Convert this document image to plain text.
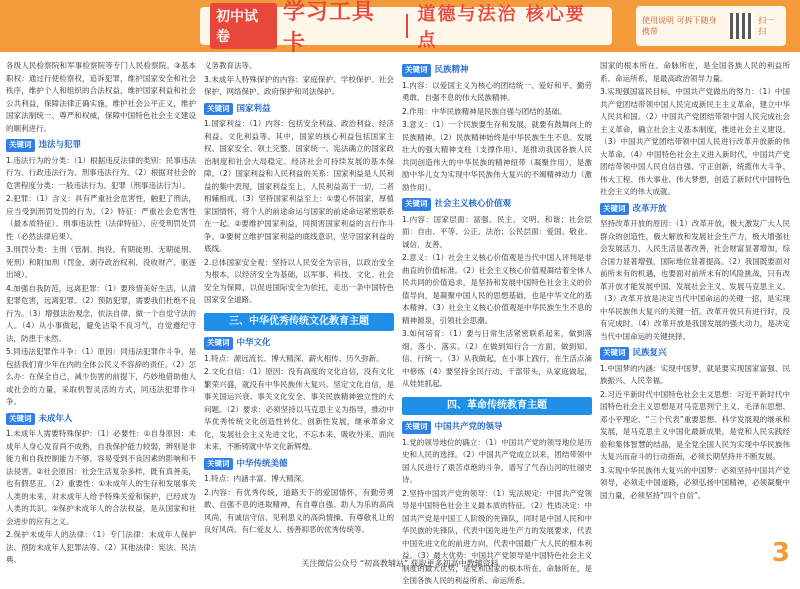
初中试卷
学习工具卡
道德与法治 核心要点
使用说明 可拆下随身携带
扫一扫

各级人民检察院和军事检察院等专门人民检察院。③基本职权：通过行使检察权，追诉犯罪，维护国家安全和社会秩序，维护个人和组织的合法权益，维护国家利益和社会公共利益，保障法律正确实施，维护社会公平正义，维护国家法制统一、尊严和权威，保障中国特色社会主义建设的顺利进行。

关键词 违法与犯罪

1.违法行为的分类：（1）根据违反法律的类别：民事违法行为、行政违法行为、刑事违法行为。（2）根据对社会的危害程度分类：一般违法行为、犯罪（刑事违法行为）。

2.犯罪：（1）含义：具有严重社会危害性，触犯了刑法，应当受到刑罚处罚的行为。（2）特征：严重社会危害性（最本质特征）、刑事违法性（法律特征）、应受刑罚处罚性（必然法律后果）。

3.刑罚分类：主刑（管制、拘役、有期徒刑、无期徒刑、死刑）和附加刑（罚金、剥夺政治权利、没收财产、驱逐出境）。

4.加强自我防范，远离犯罪：（1）要珍惜美好生活，认清犯罪危害，远离犯罪。（2）预防犯罪，需要我们杜绝不良行为。（3）增强法治观念，依法自律，做一个自觉守法的人。（4）从小事做起，避免沾染不良习气，自觉遵纪守法，防患于未然。

5.同违法犯罪作斗争：（1）原因：同违法犯罪作斗争，是包括我们青少年在内的全体公民义不容辞的责任。（2）怎么办：在保全自己，减少伤害的前提下，巧妙地借助他人或社会的力量，采取机智灵活的方式，同违法犯罪作斗争。

关键词 未成年人

1.未成年人需要特殊保护：（1）必要性：①自身原因：未成年人身心发育尚不成熟，自我保护能力较弱，辨别是非能力和自我控制能力不够，容易受到不良因素的影响和不法侵害。②社会原因：社会生活复杂多样，既有真善美，也有假恶丑。（2）重要性：①未成年人的生存和发展事关人类的未来，对未成年人给予特殊关爱和保护，已经成为人类的共识。②保护未成年人的合法权益，是从国家和社会进步的应有之义。

2.保护未成年人的法律：（1）专门法律：未成年人保护法、预防未成年人犯罪法等。（2）其他法律：宪法、民法典、

义务教育法等。

3.未成年人特殊保护的内容：家庭保护、学校保护、社会保护、网络保护、政府保护和司法保护。

关键词 国家利益

1.国家利益：（1）内容：包括安全利益、政治利益、经济利益、文化利益等。其中，国家的核心利益包括国家主权、国家安全、领土完整、国家统一、宪法确立的国家政治制度和社会大局稳定、经济社会可持续发展的基本保障。（2）国家利益和人民利益的关系：国家利益是人民利益的集中表现，国家利益至上，人民利益高于一切，二者相辅相成。（3）坚持国家利益至上：①要心怀国家，厚植家国情怀，将个人的前途命运与国家的前途命运紧密联系在一起。②要维护国家利益，同损害国家利益的言行作斗争。③要树立维护国家利益的底线意识，坚守国家利益的底线。

2.总体国家安全观：坚持以人民安全为宗旨，以政治安全为根本，以经济安全为基础，以军事、科技、文化、社会安全为保障，以促进国际安全为依托，走出一条中国特色国家安全道路。

三、中华优秀传统文化教育主题
关键词 中华文化

1.特点：源远流长、博大精深、薪火相传、历久弥新。

2.文化自信：（1）原因：没有高度的文化自信，没有文化繁荣兴盛，就没有中华民族伟大复兴。坚定文化自信，是事关国运兴衰、事关文化安全、事关民族精神独立性的大问题。（2）要求：必须坚持以马克思主义为指导，推动中华优秀传统文化创造性转化、创新性发展，继承革命文化，发展社会主义先进文化，不忘本来、吸收外来、面向未来，不断铸就中华文化新辉煌。

关键词 中华传统美德

1.特点：内涵丰富、博大精深。

2.内容：有优秀传统，道路天下的爱国情怀，有勤劳勇敢、自强不息的进取精神，有自尊自强、助人为乐的高尚风尚，有诚信守信、见利思义的高尚情操，有尊敬礼让的良好风尚。有仁爱友人、扬善抑恶的优秀传统等。

关键词 民族精神

1.内容：以爱国主义为核心的团结统一、爱好和平、勤劳勇敢、自强不息的伟大民族精神。

2.作用：中华民族精神是民族自强与团结的基础。

3.意义：（1）一个民族要生存和发展，就要有鼓舞向上的民族精神。（2）民族精神始终是中华民族生生不息、发展壮大的强大精神支柱（支撑作用），是推动我国各族人民共同创造伟大的中华民族的精神纽带（凝聚作用），是激励中华儿女为实现中华民族伟大复兴的不竭精神动力（激励作用）。

关键词 社会主义核心价值观

1.内容：国家层面：富强、民主、文明、和谐；社会层面：自由、平等、公正、法治；公民层面：爱国、敬业、诚信、友善。

2.意义：（1）社会主义核心价值观是当代中国人评判是非曲直的价值标准。（2）社会主义核心价值观凝结着全体人民共同的价值追求，是坚持和发展中国特色社会主义的价值导向，是凝聚中国人民的思想基础，也是中华文化的基本精神。（3）社会主义核心价值观是中华民族生生不息的精神源泉，引领社会思潮。

3.如何培育：（1）要与日常生活紧密联系起来，做到落细、落小、落实。（2）在做到知行合一方面，做到知、信、行统一。（3）从我做起，在小事上践行，在生活点滴中修炼（4）要坚持全民行动、干部带头，从家庭做起，从娃娃抓起。

四、革命传统教育主题
关键词 中国共产党的领导

1.党的领导地位的确立：（1）中国共产党的领导地位是历史和人民的选择。（2）中国共产党成立以来，团结带领中国人民进行了艰苦卓绝的斗争，谱写了气吞山河的壮丽史诗。

2.坚持中国共产党的领导：（1）宪法规定：中国共产党领导是中国特色社会主义最本质的特征。（2）性质决定：中国共产党是中国工人阶级的先锋队，同时是中国人民和中华民族的先锋队，代表中国先进生产力的发展要求，代表中国先进文化的前进方向，代表中国最广大人民的根本利益。（3）最大优势：中国共产党领导是中国特色社会主义制度的最大优势，是党和国家的根本所在、命脉所在，是全国各族人民的利益所系、命运所系。

国家的根本所在、命脉所在，是全国各族人民的利益所系、命运所系，是最高政治领导力量。

3.实现强国富民目标，中国共产党做出的努力：（1）中国共产党团结带领中国人民完成新民主主义革命，建立中华人民共和国。（2）中国共产党团结带领中国人民完成社会主义革命，确立社会主义基本制度，推进社会主义建设。（3）中国共产党团结带领中国人民进行改革开放新的伟大革命。（4）中国特色社会主义进入新时代，中国共产党团结带领中国人民自信自强、守正创新，统揽伟大斗争、伟大工程、伟大事业、伟大梦想，创造了新时代中国特色社会主义的伟大成就。

关键词 改革开放

坚持改革开放的原因：（1）改革开放，极大激发广大人民群众的创造性，极大解放和发展社会生产力，极大增强社会发展活力，人民生活显著改善，社会财富显著增加，综合国力显著增强，国际地位显著提高。（2）我国既要面对前所未有的机遇，也要面对前所未有的风险挑战，只有改革开放才能发展中国、发展社会主义、发展马克思主义。（3）改革开放是决定当代中国命运的关键一招，是实现中华民族伟大复兴的关键一招。改革开放只有进行时，没有完成时。（4）改革开放是我国发展的强大动力，是决定当代中国命运的关键抉择。

关键词 民族复兴

1.中国梦的内涵：实现中国梦，就是要实现国家富强、民族振兴、人民幸福。

2.习近平新时代中国特色社会主义思想：习近平新时代中国特色社会主义思想是对马克思列宁主义、毛泽东思想、邓小平理论、“三个代表”重要思想、科学发展观的继承和发展，是马克思主义中国化最新成果，是党和人民实践经验和集体智慧的结晶，是全党全国人民为实现中华民族伟大复兴而奋斗的行动指南，必须长期坚持并不断发展。

3.实现中华民族伟大复兴的中国梦：必须坚持中国共产党领导，必须走中国道路，必须弘扬中国精神，必须凝聚中国力量，必须坚持“四个自信”。

关注微信公众号 “初高教辅站” 获取更多初高中教辅资料	3
